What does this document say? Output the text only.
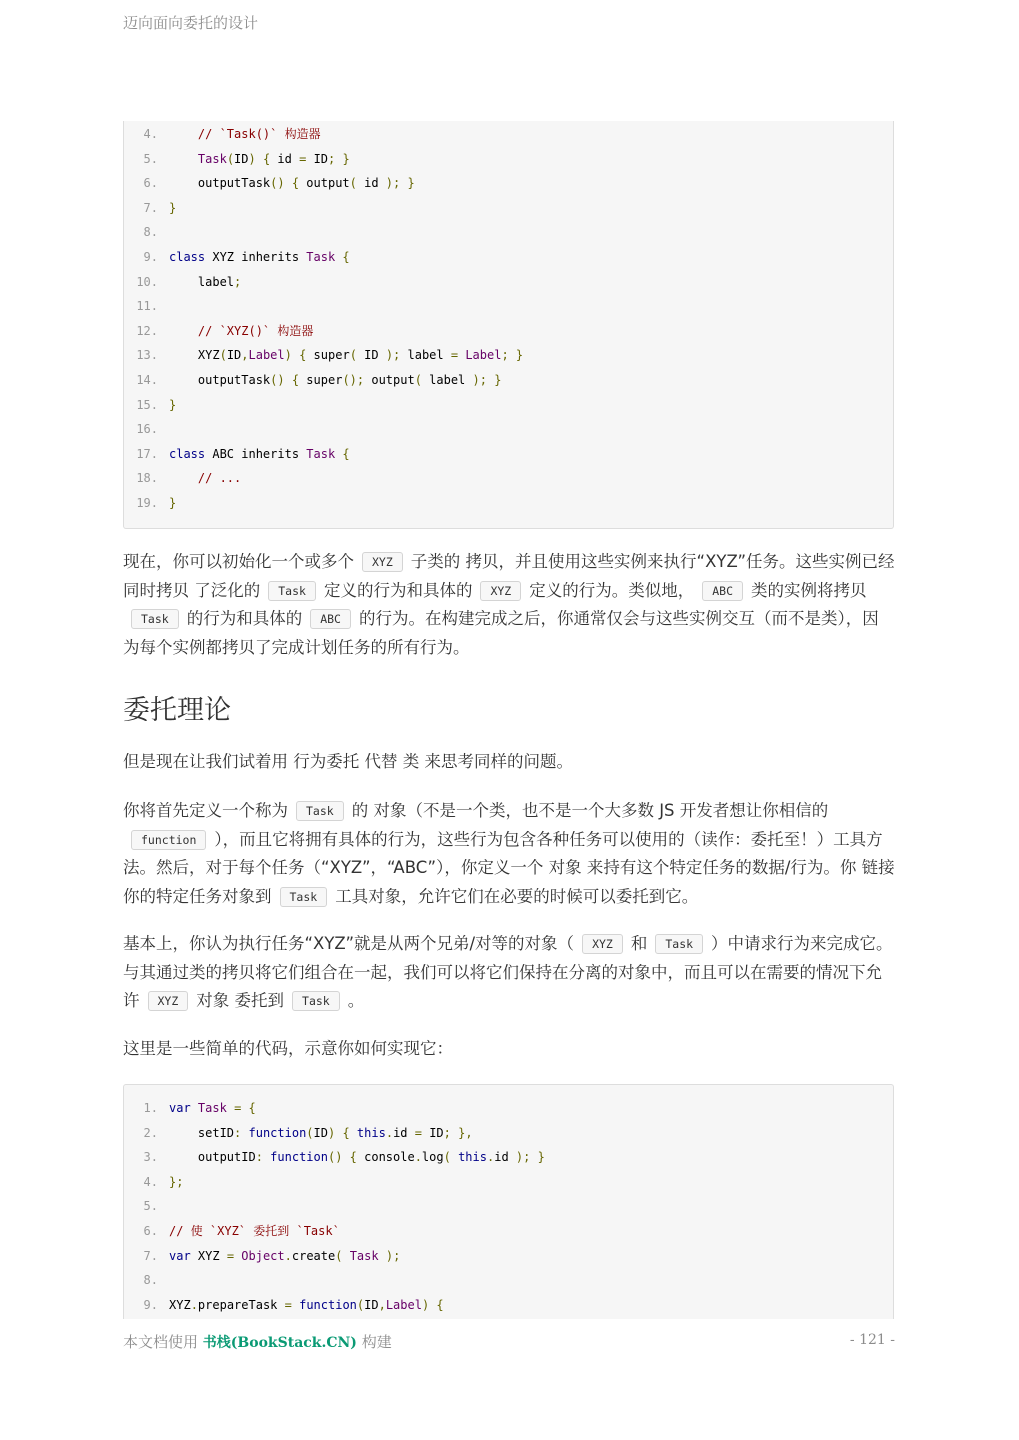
迈向面向委托的设计
4.	// `Task()` 构造器
5.	Task(ID) { id = ID; }
6.    outputTask() { output( id ); }
7. }
8.
9. class XYZ inherits Task {
10.    label;
11.
12.	// `XYZ()` 构造器
13.    XYZ(ID,Label) { super( ID ); label = Label; }
14.    outputTask() { super(); output( label ); }
15. }
16.
17. class ABC inherits Task {
18.	// ...
19. }

现在，你可以初始化一个或多个 XYZ 子类的 拷贝，并且使用这些实例来执行“XYZ”任务。这些实例已经 同时拷贝 了泛化的 Task 定义的行为和具体的 XYZ 定义的行为。类似地， ABC 类的实例将拷贝Task 的行为和具体的 ABC 的行为。在构建完成之后，你通常仅会与这些实例交互（而不是类），因为每个实例都拷贝了完成计划任务的所有行为。

委托理论

但是现在让我们试着用 行为委托 代替 类 来思考同样的问题。

你将首先定义一个称为 Task 的 对象（不是一个类，也不是一个大多数 JS 开发者想让你相信的function ），而且它将拥有具体的行为，这些行为包含各种任务可以使用的（读作：委托至！）工具方法。然后，对于每个任务（“XYZ”，“ABC”），你定义一个 对象 来持有这个特定任务的数据/行为。你 链接 你的特定任务对象到 Task 工具对象，允许它们在必要的时候可以委托到它。

基本上，你认为执行任务“XYZ”就是从两个兄弟/对等的对象（ XYZ 和 Task ）中请求行为来完成它。与其通过类的拷贝将它们组合在一起，我们可以将它们保持在分离的对象中，而且可以在需要的情况下允许 XYZ 对象 委托到 Task 。

这里是一些简单的代码，示意你如何实现它：

1. var Task = {
2.    setID: function(ID) { this.id = ID; },
3.    outputID: function() { console.log( this.id ); }
4. };
5.
6. // 使 `XYZ` 委托到 `Task`
7. var XYZ = Object.create( Task );
8.
9. XYZ.prepareTask = function(ID,Label) {
本文档使用 书栈(BookStack.CN) 构建	- 121 -
